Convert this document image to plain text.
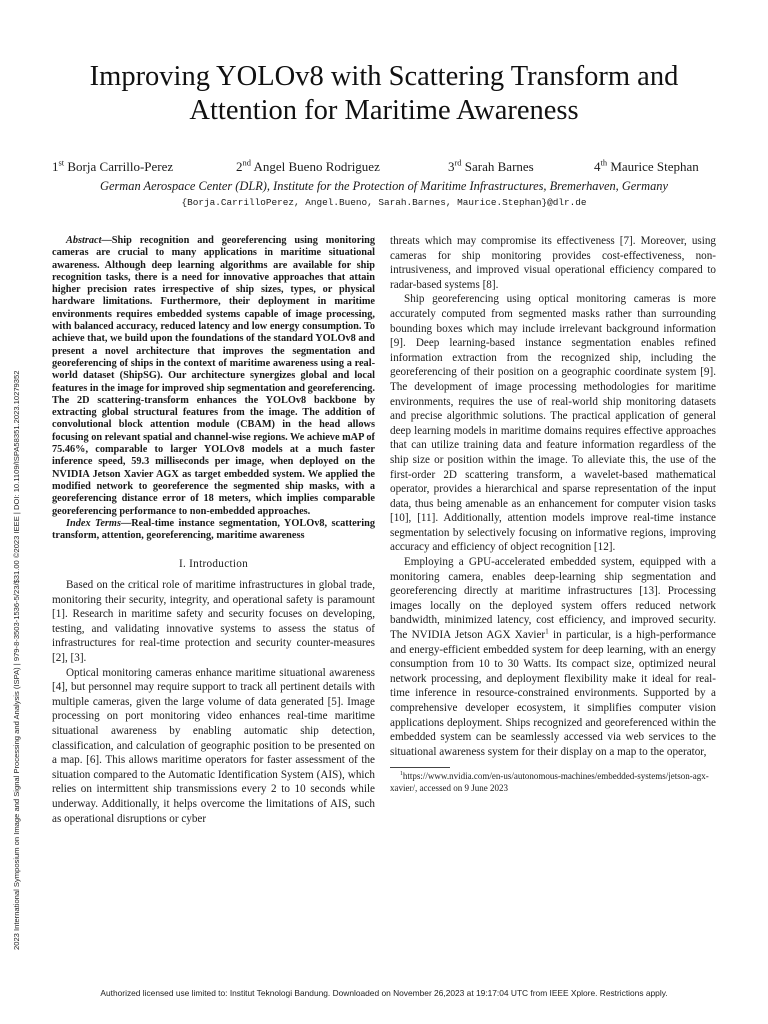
2023 International Symposium on Image and Signal Processing and Analysis (ISPA) | 979-8-3503-1536-5/23/$31.00 ©2023 IEEE | DOI: 10.1109/ISPA58351.2023.10279352
Improving YOLOv8 with Scattering Transform and
Attention for Maritime Awareness
1st Borja Carrillo-Perez	2nd Angel Bueno Rodriguez	3rd Sarah Barnes	4th Maurice Stephan
German Aerospace Center (DLR), Institute for the Protection of Maritime Infrastructures, Bremerhaven, Germany
{Borja.CarrilloPerez, Angel.Bueno, Sarah.Barnes, Maurice.Stephan}@dlr.de
Abstract—Ship recognition and georeferencing using monitoring cameras are crucial to many applications in maritime situational awareness. Although deep learning algorithms are available for ship recognition tasks, there is a need for innovative approaches that attain higher precision rates irrespective of ship sizes, types, or physical hardware limitations. Furthermore, their deployment in maritime environments requires embedded systems capable of image processing, with balanced accuracy, reduced latency and low energy consumption. To achieve that, we build upon the foundations of the standard YOLOv8 and present a novel architecture that improves the segmentation and georeferencing of ships in the context of maritime awareness using a real-world dataset (ShipSG). Our architecture synergizes global and local features in the image for improved ship segmentation and georeferencing. The 2D scattering-transform enhances the YOLOv8 backbone by extracting global structural features from the image. The addition of convolutional block attention module (CBAM) in the head allows focusing on relevant spatial and channel-wise regions. We achieve mAP of 75.46%, comparable to larger YOLOv8 models at a much faster inference speed, 59.3 milliseconds per image, when deployed on the NVIDIA Jetson Xavier AGX as target embedded system. We applied the modified network to georeference the segmented ship masks, with a georeferencing distance error of 18 meters, which implies comparable georeferencing performance to non-embedded approaches.
Index Terms—Real-time instance segmentation, YOLOv8, scattering transform, attention, georeferencing, maritime awareness
I. Introduction

Based on the critical role of maritime infrastructures in global trade, monitoring their security, integrity, and operational safety is paramount [1]. Research in maritime safety and security focuses on developing, testing, and validating innovative systems to assess the status of infrastructures for real-time protection and security counter-measures [2], [3].

Optical monitoring cameras enhance maritime situational awareness [4], but personnel may require support to track all pertinent details with multiple cameras, given the large volume of data generated [5]. Image processing on port monitoring video enhances real-time maritime situational awareness by enabling automatic ship detection, classification, and calculation of geographic position to be presented on a map. [6]. This allows maritime operators for faster assessment of the situation compared to the Automatic Identification System (AIS), which relies on intermittent ship transmissions every 2 to 10 seconds while underway. Additionally, it helps overcome the limitations of AIS, such as operational disruptions or cyber

threats which may compromise its effectiveness [7]. Moreover, using cameras for ship monitoring provides cost-effectiveness, non-intrusiveness, and improved visual operational efficiency compared to radar-based systems [8].

Ship georeferencing using optical monitoring cameras is more accurately computed from segmented masks rather than surrounding bounding boxes which may include irrelevant background information [9]. Deep learning-based instance segmentation enables refined information extraction from the recognized ship, including the georeferencing of their position on a geographic coordinate system [9]. The development of image processing methodologies for maritime environments, requires the use of real-world ship monitoring datasets and precise algorithmic solutions. The practical application of general deep learning models in maritime domains requires effective approaches that can utilize training data and feature information regardless of the ship size or position within the image. To alleviate this, the use of the first-order 2D scattering transform, a wavelet-based mathematical operator, provides a hierarchical and sparse representation of the input data, thus being amenable as an enhancement for computer vision tasks [10], [11]. Additionally, attention models improve real-time instance segmentation by selectively focusing on informative regions, improving accuracy and efficiency of object recognition [12].

Employing a GPU-accelerated embedded system, equipped with a monitoring camera, enables deep-learning ship segmentation and georeferencing directly at maritime infrastructures [13]. Processing images locally on the deployed system offers reduced network bandwidth, minimized latency, cost efficiency, and improved security. The NVIDIA Jetson AGX Xavier$^1$ in particular, is a high-performance and energy-efficient embedded system for deep learning, with an energy consumption from 10 to 30 Watts. Its compact size, optimized neural network processing, and deployment flexibility make it ideal for real-time inference in resource-constrained environments. Supported by a comprehensive developer ecosystem, it simplifies computer vision applications deployment. Ships recognized and georeferenced within the embedded system can be seamlessly accessed via web services to the situational awareness system for their display on a map to the operator,

$^1$https://www.nvidia.com/en-us/autonomous-machines/embedded-systems/jetson-agx-xavier/, accessed on 9 June 2023
Authorized licensed use limited to: Institut Teknologi Bandung. Downloaded on November 26,2023 at 19:17:04 UTC from IEEE Xplore. Restrictions apply.
